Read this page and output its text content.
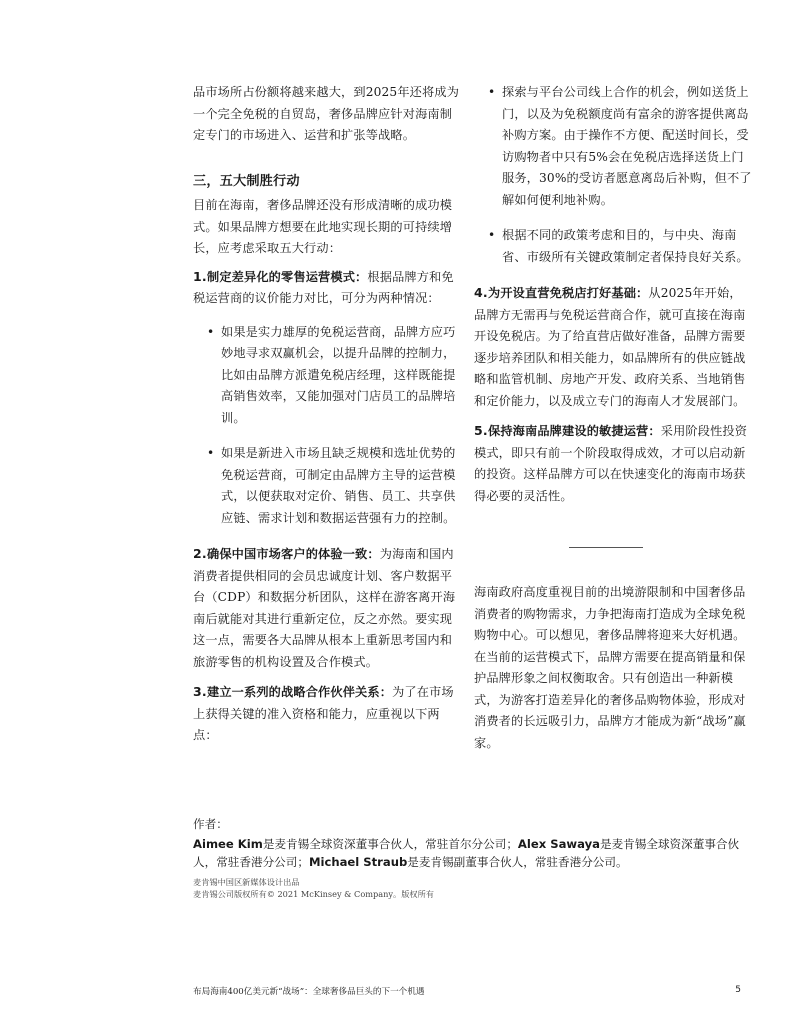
品市场所占份额将越来越大，到2025年还将成为一个完全免税的自贸岛，奢侈品牌应针对海南制定专门的市场进入、运营和扩张等战略。

三，五大制胜行动

目前在海南，奢侈品牌还没有形成清晰的成功模式。如果品牌方想要在此地实现长期的可持续增长，应考虑采取五大行动：

1.制定差异化的零售运营模式：根据品牌方和免税运营商的议价能力对比，可分为两种情况：
• 如果是实力雄厚的免税运营商，品牌方应巧妙地寻求双赢机会，以提升品牌的控制力，比如由品牌方派遣免税店经理，这样既能提高销售效率，又能加强对门店员工的品牌培训。
• 如果是新进入市场且缺乏规模和选址优势的免税运营商，可制定由品牌方主导的运营模式，以便获取对定价、销售、员工、共享供应链、需求计划和数据运营强有力的控制。
2.确保中国市场客户的体验一致：为海南和国内消费者提供相同的会员忠诚度计划、客户数据平台（CDP）和数据分析团队，这样在游客离开海南后就能对其进行重新定位，反之亦然。要实现这一点，需要各大品牌从根本上重新思考国内和旅游零售的机构设置及合作模式。
3.建立一系列的战略合作伙伴关系：为了在市场上获得关键的准入资格和能力，应重视以下两点：
• 探索与平台公司线上合作的机会，例如送货上门，以及为免税额度尚有富余的游客提供离岛补购方案。由于操作不方便、配送时间长，受访购物者中只有5%会在免税店选择送货上门服务，30%的受访者愿意离岛后补购，但不了解如何便利地补购。
• 根据不同的政策考虑和目的，与中央、海南省、市级所有关键政策制定者保持良好关系。
4.为开设直营免税店打好基础：从2025年开始，品牌方无需再与免税运营商合作，就可直接在海南开设免税店。为了给直营店做好准备，品牌方需要逐步培养团队和相关能力，如品牌所有的供应链战略和监管机制、房地产开发、政府关系、当地销售和定价能力，以及成立专门的海南人才发展部门。
5.保持海南品牌建设的敏捷运营：采用阶段性投资模式，即只有前一个阶段取得成效，才可以启动新的投资。这样品牌方可以在快速变化的海南市场获得必要的灵活性。

海南政府高度重视目前的出境游限制和中国奢侈品消费者的购物需求，力争把海南打造成为全球免税购物中心。可以想见，奢侈品牌将迎来大好机遇。在当前的运营模式下，品牌方需要在提高销量和保护品牌形象之间权衡取舍。只有创造出一种新模式，为游客打造差异化的奢侈品购物体验，形成对消费者的长远吸引力，品牌方才能成为新“战场”赢家。

作者：
Aimee Kim是麦肯锡全球资深董事合伙人，常驻首尔分公司；Alex Sawaya是麦肯锡全球资深董事合伙人，常驻香港分公司；Michael Straub是麦肯锡副董事合伙人，常驻香港分公司。
麦肯锡中国区新媒体设计出品
麦肯锡公司版权所有© 2021 McKinsey & Company。版权所有
布局海南400亿美元新“战场”：全球奢侈品巨头的下一个机遇	5
